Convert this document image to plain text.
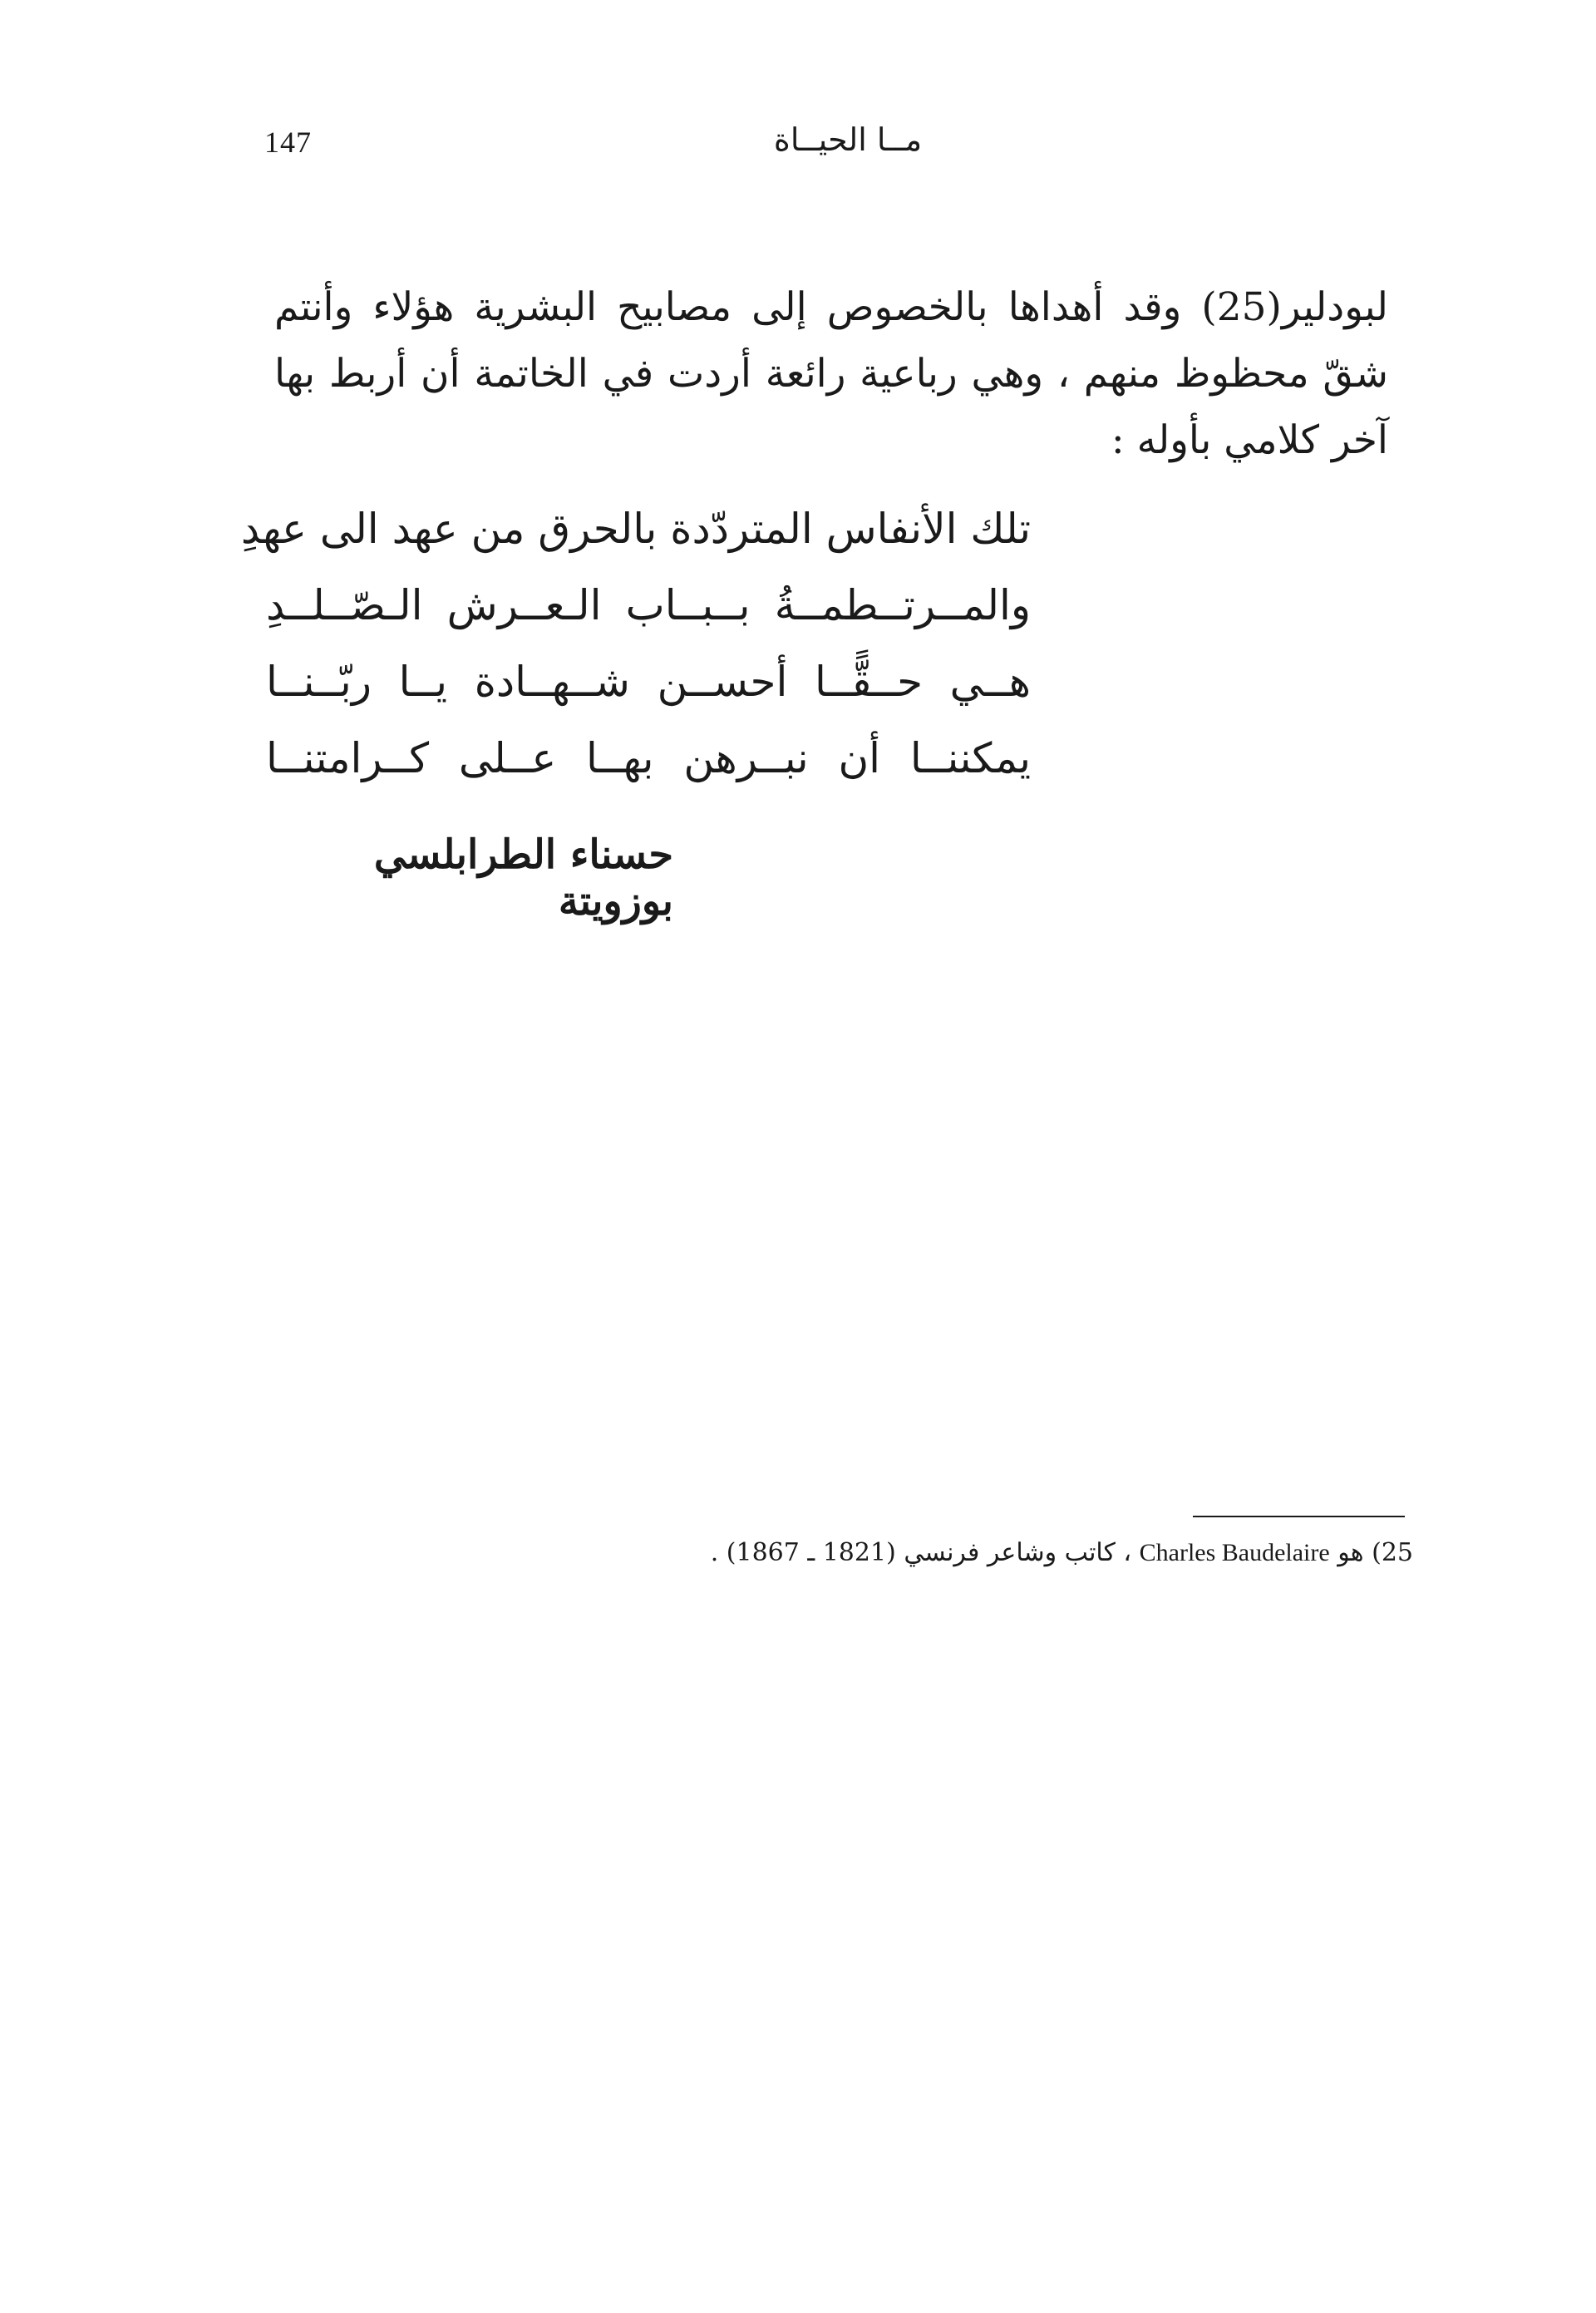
147	مــا الحيــاة
لبودلير(25) وقد أهداها بالخصوص إلى مصابيح البشرية هؤلاء وأنتم شقّ محظوظ منهم ، وهي رباعية رائعة أردت في الخاتمة أن أربط بها آخر كلامي بأوله :
تلك الأنفاس المتردّدة بالحرق من عهد الى عهدِ
والمــرتــطمــةُ بــبــاب الـعــرش الـصّــلــدِ
هــي حــقًّــا أحســن شــهــادة يــا ربّــنــا
يمكننــا أن نبــرهن بهــا عــلى كــرامتنــا
حسناء الطرابلسي بوزويتة
25) هو Charles Baudelaire ، كاتب وشاعر فرنسي (1821 ـ 1867) .
